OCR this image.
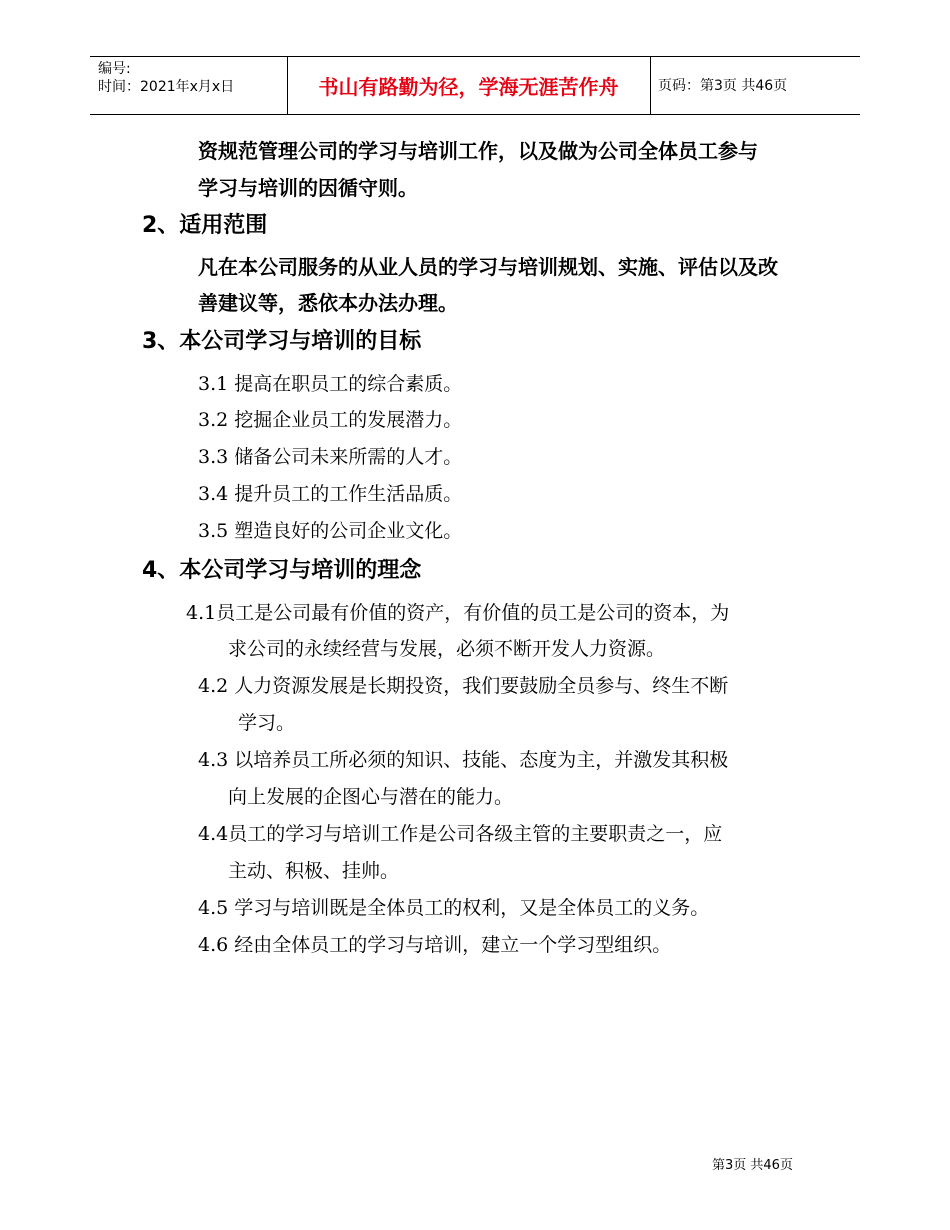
编号:
时间：2021年x月x日	书山有路勤为径，学海无涯苦作舟	页码：第3页 共46页
资规范管理公司的学习与培训工作，以及做为公司全体员工参与
学习与培训的因循守则。
2、适用范围
凡在本公司服务的从业人员的学习与培训规划、实施、评估以及改
善建议等，悉依本办法办理。
3、本公司学习与培训的目标
3.1 提高在职员工的综合素质。
3.2 挖掘企业员工的发展潜力。
3.3 储备公司未来所需的人才。
3.4 提升员工的工作生活品质。
3.5 塑造良好的公司企业文化。
4、本公司学习与培训的理念
4.1员工是公司最有价值的资产，有价值的员工是公司的资本，为
求公司的永续经营与发展，必须不断开发人力资源。
4.2 人力资源发展是长期投资，我们要鼓励全员参与、终生不断
学习。
4.3 以培养员工所必须的知识、技能、态度为主，并激发其积极
向上发展的企图心与潜在的能力。
4.4员工的学习与培训工作是公司各级主管的主要职责之一，应
主动、积极、挂帅。
4.5 学习与培训既是全体员工的权利，又是全体员工的义务。
4.6 经由全体员工的学习与培训，建立一个学习型组织。
第3页 共46页
